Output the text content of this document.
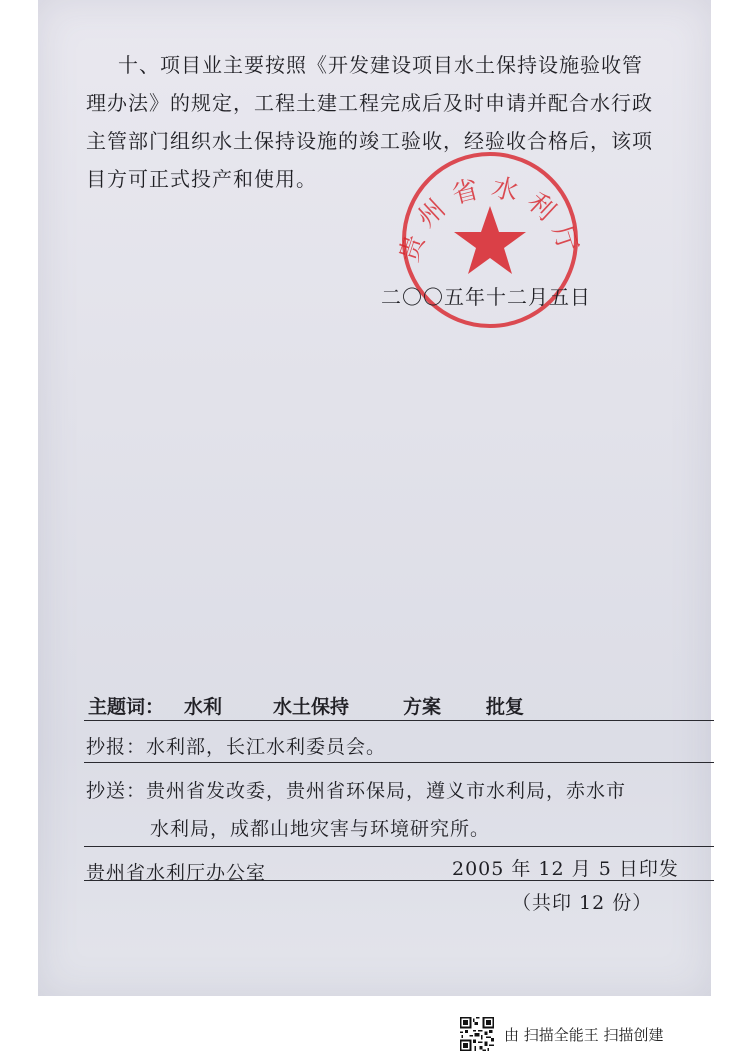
十、项目业主要按照《开发建设项目水土保持设施验收管
理办法》的规定，工程土建工程完成后及时申请并配合水行政
主管部门组织水土保持设施的竣工验收，经验收合格后，该项
目方可正式投产和使用。
贵州省水利厅
二〇〇五年十二月五日
主题词： 水利	水土保持	方案 批复
抄报：水利部，长江水利委员会。
抄送：贵州省发改委，贵州省环保局，遵义市水利局，赤水市
水利局，成都山地灾害与环境研究所。
贵州省水利厅办公室	2005 年 12 月 5 日印发
（共印 12 份）
由 扫描全能王 扫描创建
